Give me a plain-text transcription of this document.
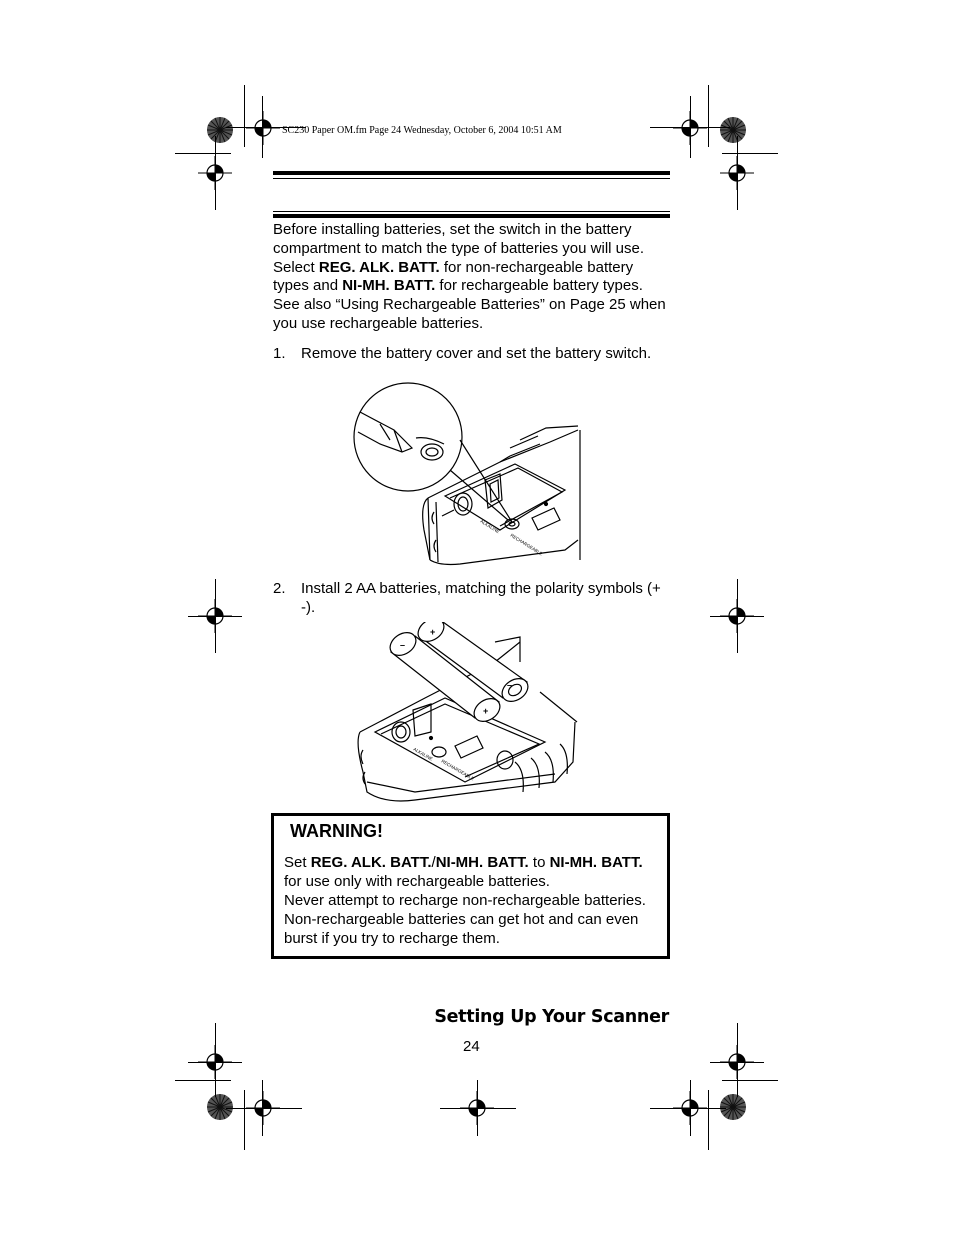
SC230 Paper OM.fm Page 24 Wednesday, October 6, 2004 10:51 AM
Before installing batteries, set the switch in the battery compartment to match the type of batteries you will use. Select REG. ALK. BATT. for non-rechargeable battery types and NI-MH. BATT. for rechargeable battery types. See also “Using Rechargeable Batteries” on Page 25 when you use rechargeable batteries.
1. Remove the battery cover and set the battery switch.
ALKALINE
RECHARGEABLE
2. Install 2 AA batteries, matching the polarity symbols (+ -).
–
+
+
–
ALKALINE
RECHARGEABLE
WARNING!
Set REG. ALK. BATT./NI-MH. BATT. to NI-MH. BATT.
for use only with rechargeable batteries.
Never attempt to recharge non-rechargeable batteries.
Non-rechargeable batteries can get hot and can even burst if you try to recharge them.
Setting Up Your Scanner
24
